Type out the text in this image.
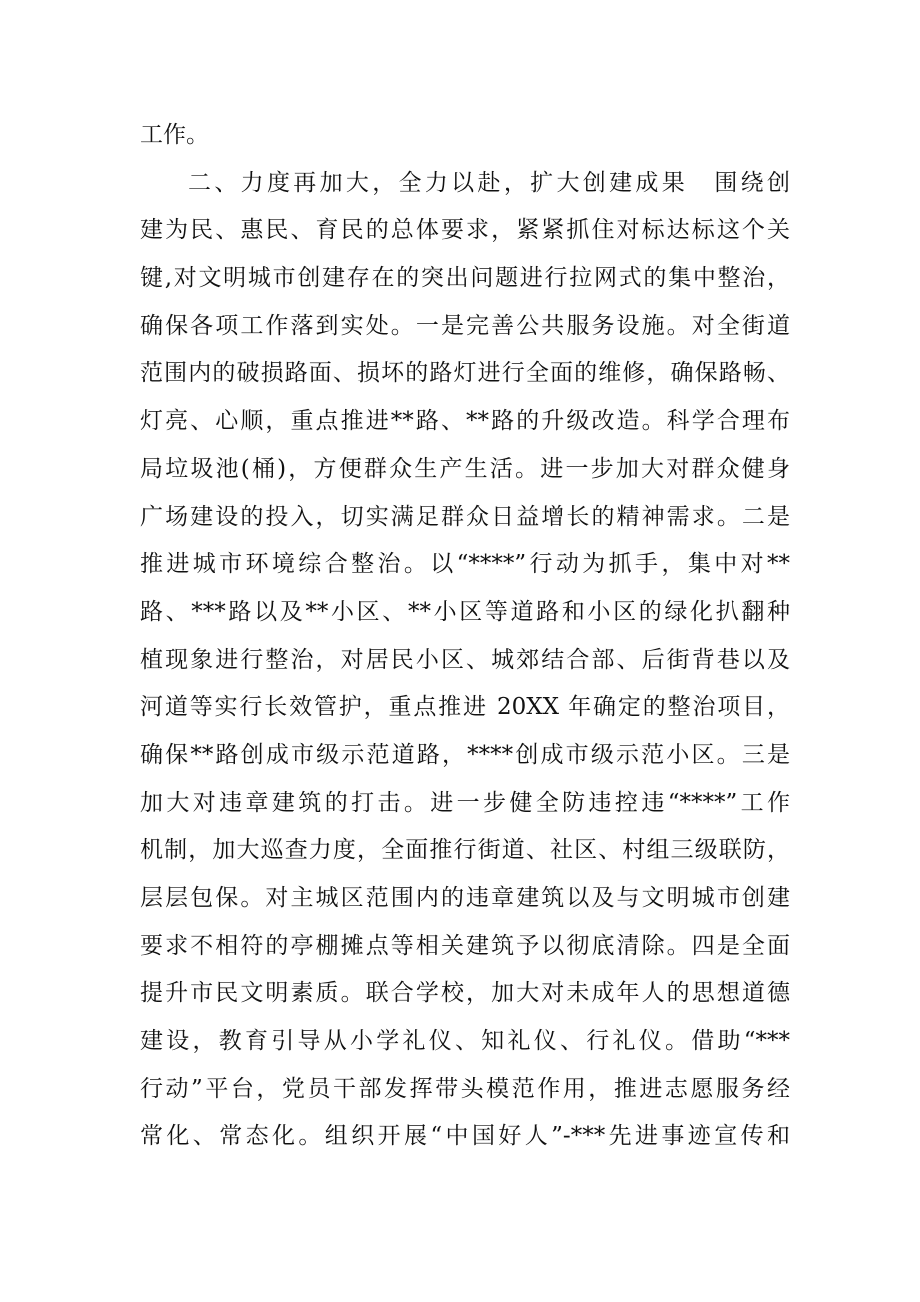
工作。
二、力度再加大，全力以赴，扩大创建成果　围绕创
建为民、惠民、育民的总体要求，紧紧抓住对标达标这个关
键,对文明城市创建存在的突出问题进行拉网式的集中整治，
确保各项工作落到实处。一是完善公共服务设施。对全街道
范围内的破损路面、损坏的路灯进行全面的维修，确保路畅、
灯亮、心顺，重点推进**路、**路的升级改造。科学合理布
局垃圾池(桶)，方便群众生产生活。进一步加大对群众健身
广场建设的投入，切实满足群众日益增长的精神需求。二是
推进城市环境综合整治。以“****”行动为抓手，集中对**
路、***路以及**小区、**小区等道路和小区的绿化扒翻种
植现象进行整治，对居民小区、城郊结合部、后街背巷以及
河道等实行长效管护，重点推进 20XX 年确定的整治项目，
确保**路创成市级示范道路，****创成市级示范小区。三是
加大对违章建筑的打击。进一步健全防违控违“****”工作
机制，加大巡查力度，全面推行街道、社区、村组三级联防，
层层包保。对主城区范围内的违章建筑以及与文明城市创建
要求不相符的亭棚摊点等相关建筑予以彻底清除。四是全面
提升市民文明素质。联合学校，加大对未成年人的思想道德
建设，教育引导从小学礼仪、知礼仪、行礼仪。借助“***
行动”平台，党员干部发挥带头模范作用，推进志愿服务经
常化、常态化。组织开展“中国好人”-***先进事迹宣传和
